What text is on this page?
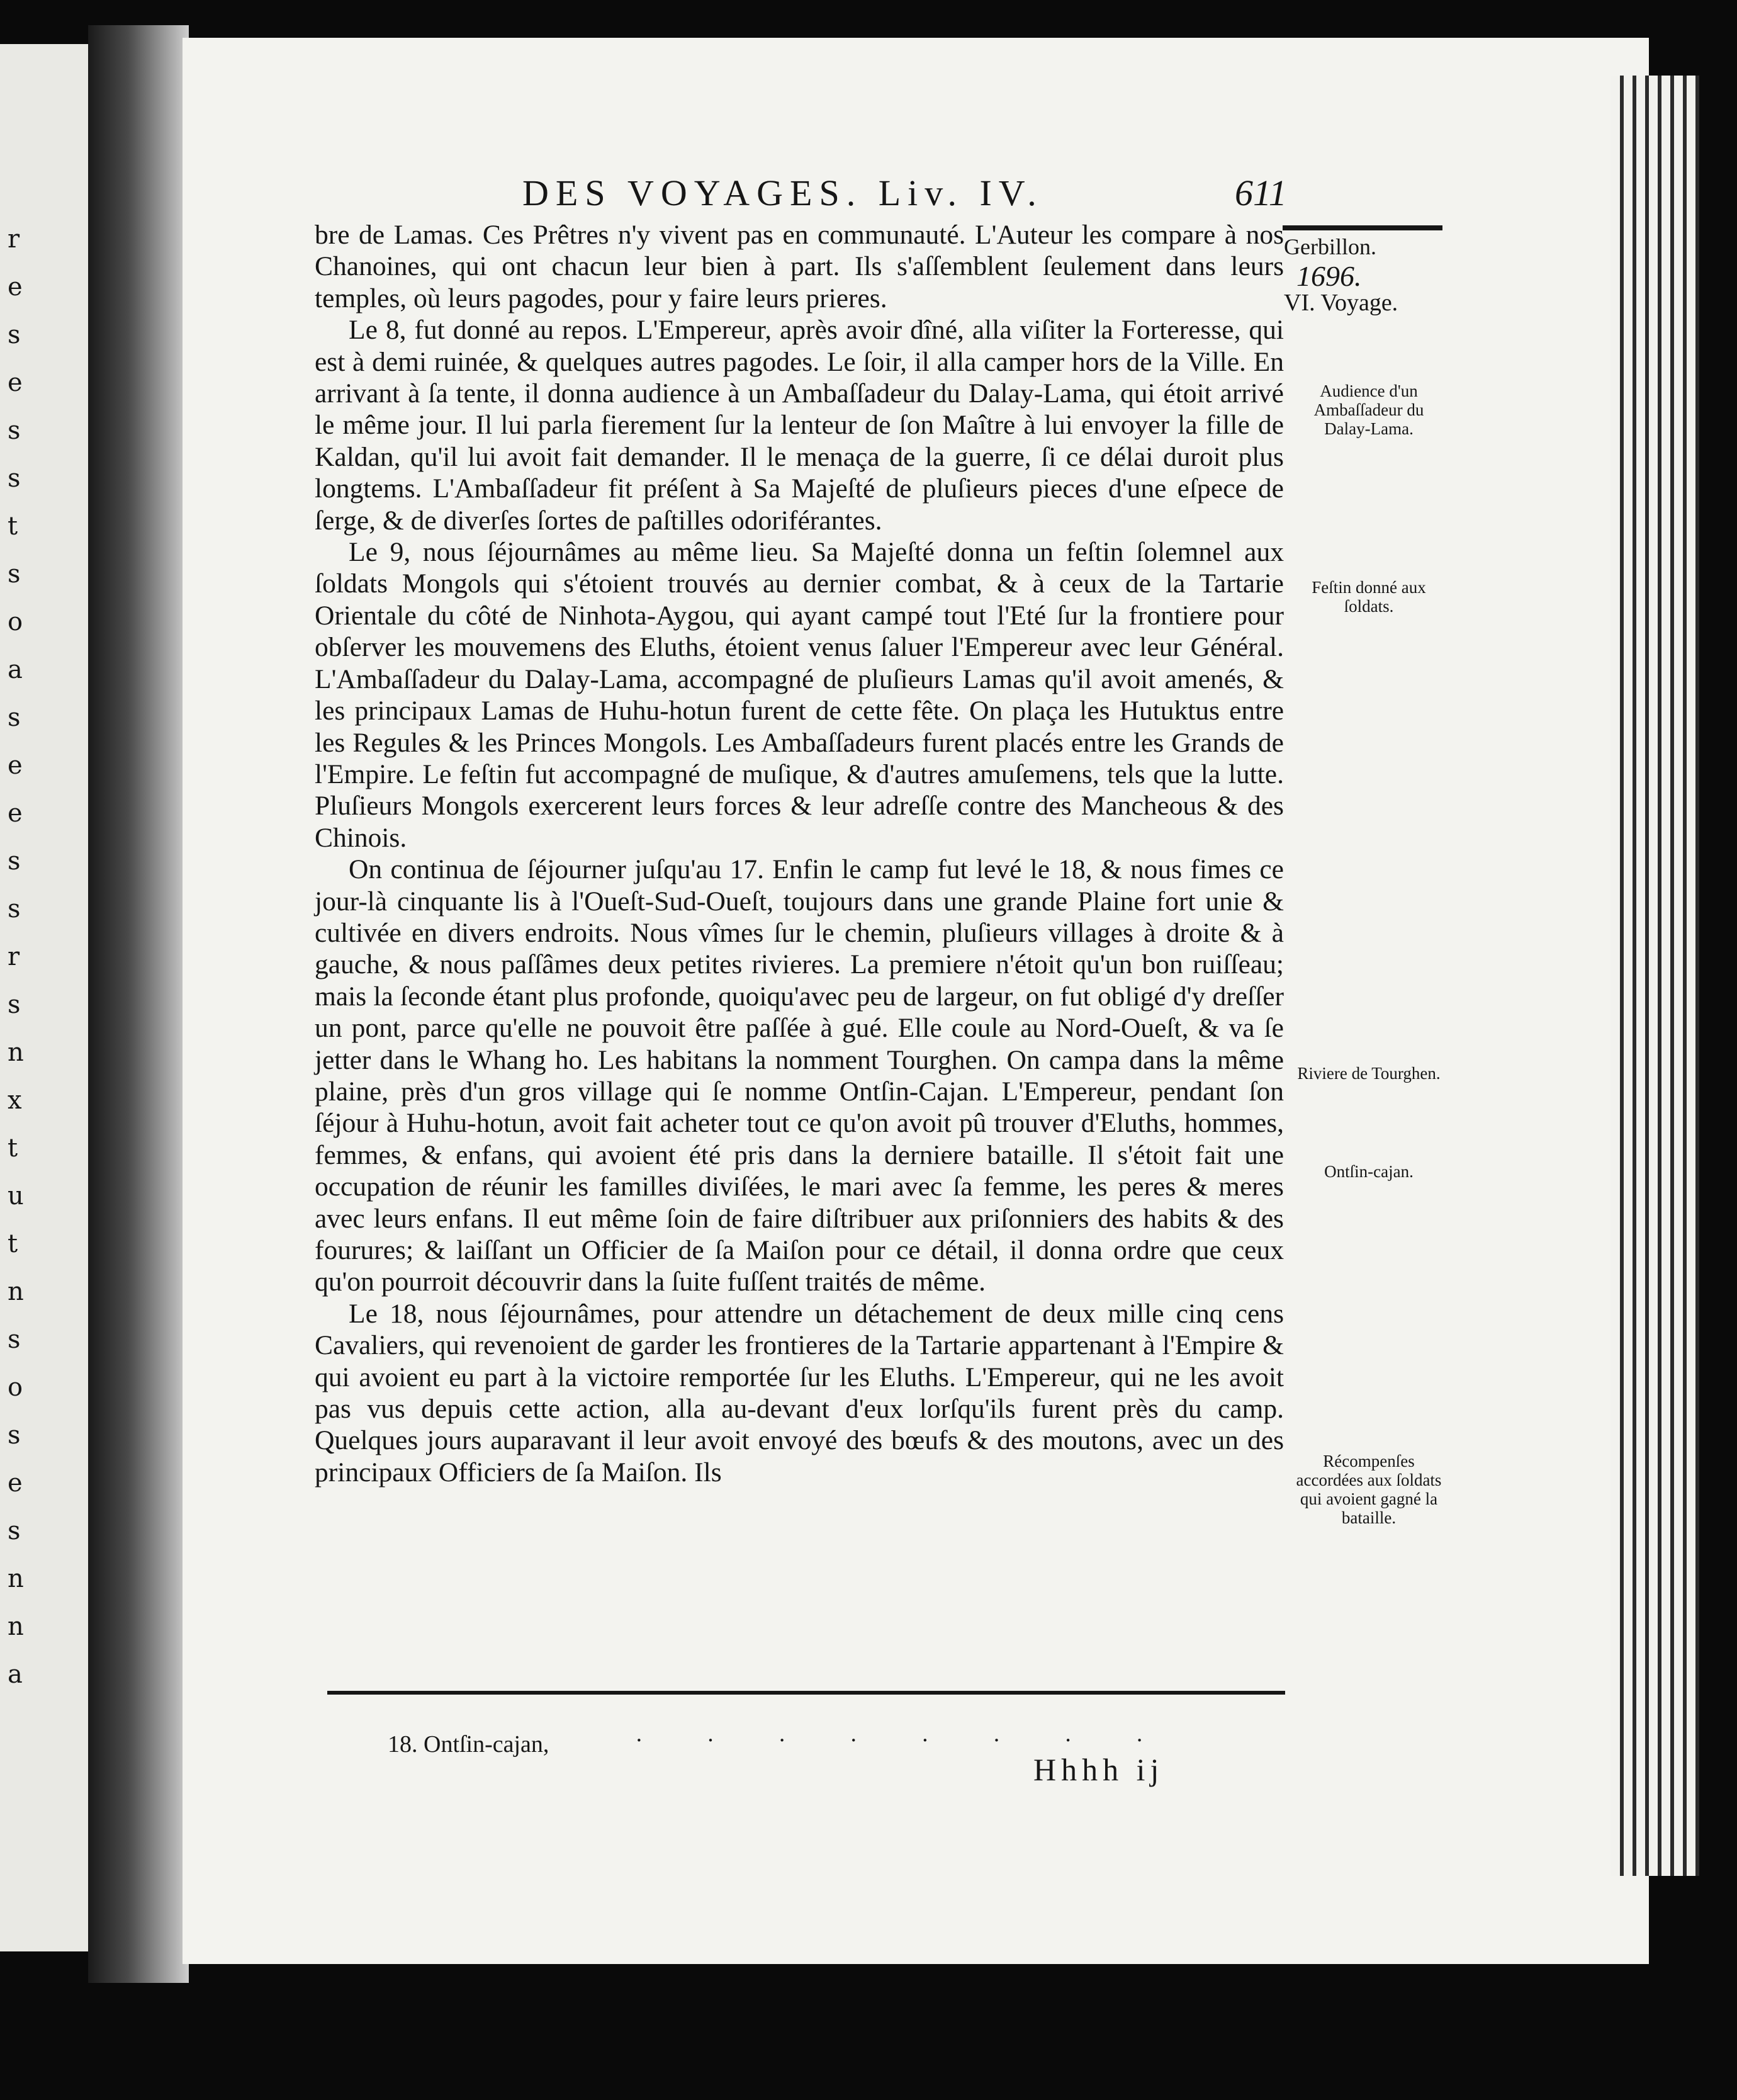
r
e
s
e
s
s
t
s
o
a
s
e
e
s
s
r
s
n
x
t
u
t
n
s
o
s
e
s
n
n
a
DES VOYAGES. Liv. IV.	611
Gerbillon.
1696.
VI. Voyage.

bre de Lamas. Ces Prêtres n'y vivent pas en communauté. L'Auteur les compare à nos Chanoines, qui ont chacun leur bien à part. Ils s'aſſemblent ſeulement dans leurs temples, où leurs pagodes, pour y faire leurs prieres.

Le 8, fut donné au repos. L'Empereur, après avoir dîné, alla viſiter la Forteresse, qui est à demi ruinée, & quelques autres pagodes. Le ſoir, il alla camper hors de la Ville. En arrivant à ſa tente, il donna audience à un Ambaſſadeur du Dalay-Lama, qui étoit arrivé le même jour. Il lui parla fierement ſur la lenteur de ſon Maître à lui envoyer la fille de Kaldan, qu'il lui avoit fait demander. Il le menaça de la guerre, ſi ce délai duroit plus longtems. L'Ambaſſadeur fit préſent à Sa Majeſté de pluſieurs pieces d'une eſpece de ſerge, & de diverſes ſortes de paſtilles odoriférantes.

Le 9, nous ſéjournâmes au même lieu. Sa Majeſté donna un feſtin ſolemnel aux ſoldats Mongols qui s'étoient trouvés au dernier combat, & à ceux de la Tartarie Orientale du côté de Ninhota-Aygou, qui ayant campé tout l'Eté ſur la frontiere pour obſerver les mouvemens des Eluths, étoient venus ſaluer l'Empereur avec leur Général. L'Ambaſſadeur du Dalay-Lama, accompagné de pluſieurs Lamas qu'il avoit amenés, & les principaux Lamas de Huhu-hotun furent de cette fête. On plaça les Hutuktus entre les Regules & les Princes Mongols. Les Ambaſſadeurs furent placés entre les Grands de l'Empire. Le feſtin fut accompagné de muſique, & d'autres amuſemens, tels que la lutte. Pluſieurs Mongols exercerent leurs forces & leur adreſſe contre des Mancheous & des Chinois.

On continua de ſéjourner juſqu'au 17. Enfin le camp fut levé le 18, & nous fimes ce jour-là cinquante lis à l'Oueſt-Sud-Oueſt, toujours dans une grande Plaine fort unie & cultivée en divers endroits. Nous vîmes ſur le chemin, pluſieurs villages à droite & à gauche, & nous paſſâmes deux petites rivieres. La premiere n'étoit qu'un bon ruiſſeau; mais la ſeconde étant plus profonde, quoiqu'avec peu de largeur, on fut obligé d'y dreſſer un pont, parce qu'elle ne pouvoit être paſſée à gué. Elle coule au Nord-Oueſt, & va ſe jetter dans le Whang ho. Les habitans la nomment Tourghen. On campa dans la même plaine, près d'un gros village qui ſe nomme Ontſin-Cajan. L'Empereur, pendant ſon ſéjour à Huhu-hotun, avoit fait acheter tout ce qu'on avoit pû trouver d'Eluths, hommes, femmes, & enfans, qui avoient été pris dans la derniere bataille. Il s'étoit fait une occupation de réunir les familles diviſées, le mari avec ſa femme, les peres & meres avec leurs enfans. Il eut même ſoin de faire diſtribuer aux priſonniers des habits & des fourures; & laiſſant un Officier de ſa Maiſon pour ce détail, il donna ordre que ceux qu'on pourroit découvrir dans la ſuite fuſſent traités de même.

Le 18, nous ſéjournâmes, pour attendre un détachement de deux mille cinq cens Cavaliers, qui revenoient de garder les frontieres de la Tartarie appartenant à l'Empire & qui avoient eu part à la victoire remportée ſur les Eluths. L'Empereur, qui ne les avoit pas vus depuis cette action, alla au-devant d'eux lorſqu'ils furent près du camp. Quelques jours auparavant il leur avoit envoyé des bœufs & des moutons, avec un des principaux Officiers de ſa Maiſon. Ils

Audience d'un Ambaſſadeur du Dalay-Lama.
Feſtin donné aux ſoldats.
Riviere de Tourghen.
Ontſin-cajan.
Récompenſes accordées aux ſoldats qui avoient gagné la bataille.
18. Ontſin-cajan,	· · · · · · · ·
Hhhh ij
